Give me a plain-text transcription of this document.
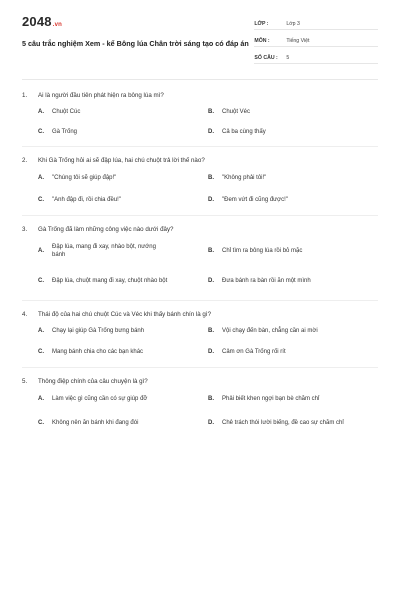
2048.vn
5 câu trắc nghiệm Xem - kể Bông lúa Chân trời sáng tạo có đáp án
LỚP :	Lớp 3
MÔN :	Tiếng Việt
SỐ CÂU :	5
1.	Ai là người đầu tiên phát hiện ra bông lúa mì?
A.	Chuột Cúc	B.	Chuột Véc
C.	Gà Trống	D.	Cả ba cùng thấy
2.	Khi Gà Trống hỏi ai sẽ đập lúa, hai chú chuột trả lời thế nào?
A.	"Chúng tôi sẽ giúp đập!"	B.	"Không phải tôi!"
C.	"Anh đập đi, rồi chia đều!"	D.	"Đem vứt đi cũng được!"
3.	Gà Trống đã làm những công việc nào dưới đây?
A.
Đập lúa, mang đi xay, nhào bột, nướng bánh
B.	Chỉ tìm ra bông lúa rồi bỏ mặc
C.	Đập lúa, chuột mang đi xay, chuột nhào bột	D.	Đưa bánh ra bàn rồi ăn một mình
4.	Thái độ của hai chú chuột Cúc và Véc khi thấy bánh chín là gì?
A.	Chạy lại giúp Gà Trống bưng bánh	B.	Vội chạy đến bàn, chẳng cần ai mời
C.	Mang bánh chia cho các bạn khác	D.	Cảm ơn Gà Trống rối rít
5.	Thông điệp chính của câu chuyện là gì?
A.	Làm việc gì cũng cần có sự giúp đỡ	B.	Phải biết khen ngợi bạn bè chăm chỉ
C.	Không nên ăn bánh khi đang đói	D.	Chê trách thói lười biếng, đề cao sự chăm chỉ
